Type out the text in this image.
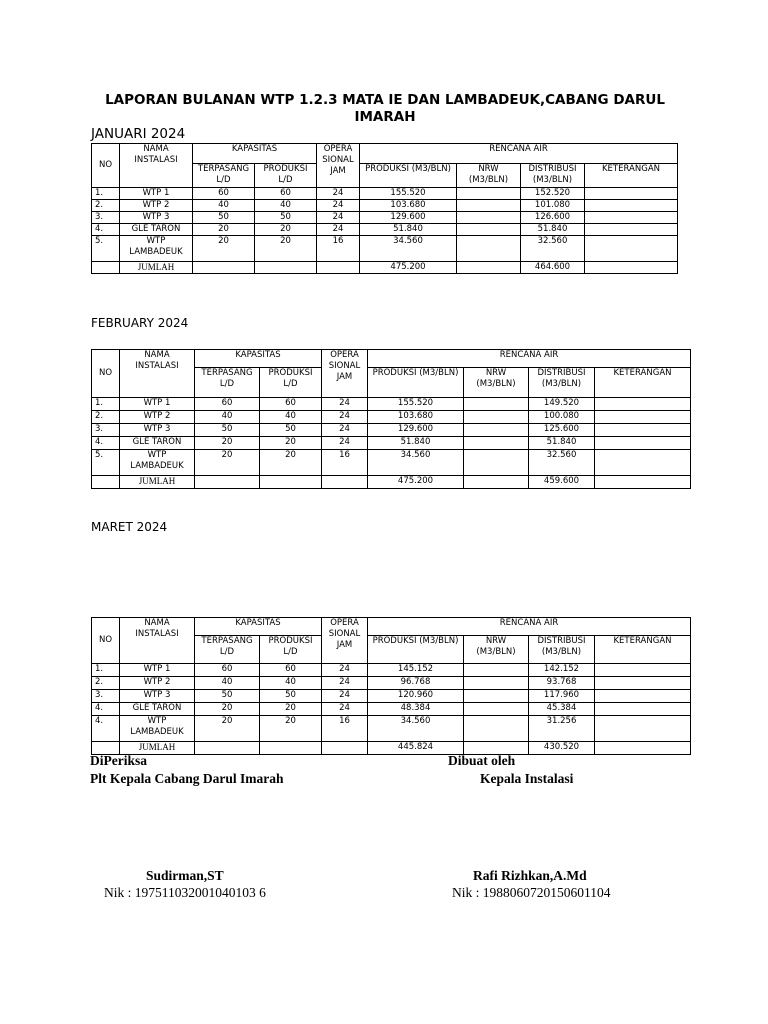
LAPORAN BULANAN WTP 1.2.3 MATA IE DAN LAMBADEUK,CABANG DARUL IMARAH
JANUARI 2024
FEBRUARY 2024
MARET 2024
NO	NAMA INSTALASI	KAPASITAS		OPERA SIONAL JAM	RENCANA AIR			
		TERPASANG L/D	PRODUKSI L/D		PRODUKSI (M3/BLN)	NRW (M3/BLN)	DISTRIBUSI (M3/BLN)	KETERANGAN
1.	WTP 1	60	60	24	155.520		152.520	
2.	WTP 2	40	40	24	103.680		101.080	
3.	WTP 3	50	50	24	129.600		126.600	
4.	GLE TARON	20	20	24	51.840		51.840	
5.	WTP LAMBADEUK	20	20	16	34.560		32.560	
	JUMLAH				475.200		464.600	
NO	NAMA INSTALASI	KAPASITAS		OPERA SIONAL JAM	RENCANA AIR			
		TERPASANG L/D	PRODUKSI L/D		PRODUKSI (M3/BLN)	NRW (M3/BLN)	DISTRIBUSI (M3/BLN)	KETERANGAN
1.	WTP 1	60	60	24	155.520		149.520	
2.	WTP 2	40	40	24	103.680		100.080	
3.	WTP 3	50	50	24	129.600		125.600	
4.	GLE TARON	20	20	24	51.840		51.840	
5.	WTP LAMBADEUK	20	20	16	34.560		32.560	
	JUMLAH				475.200		459.600	
NO	NAMA INSTALASI	KAPASITAS		OPERA SIONAL JAM	RENCANA AIR			
		TERPASANG L/D	PRODUKSI L/D		PRODUKSI (M3/BLN)	NRW (M3/BLN)	DISTRIBUSI (M3/BLN)	KETERANGAN
1.	WTP 1	60	60	24	145.152		142.152	
2.	WTP 2	40	40	24	96.768		93.768	
3.	WTP 3	50	50	24	120.960		117.960	
4.	GLE TARON	20	20	24	48.384		45.384	
4.	WTP LAMBADEUK	20	20	16	34.560		31.256	
	JUMLAH				445.824		430.520	
DiPeriksa
Plt Kepala Cabang Darul Imarah
Sudirman,ST
Nik : 197511032001040103 6
Dibuat oleh
Kepala Instalasi
Rafi Rizhkan,A.Md
Nik : 1988060720150601104
